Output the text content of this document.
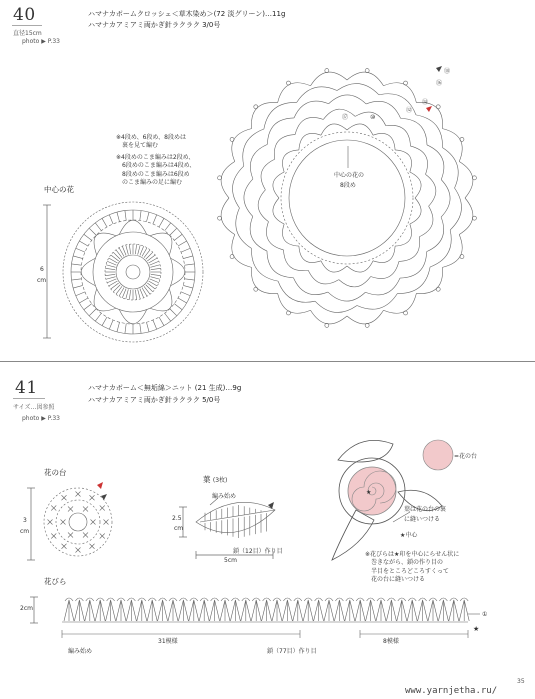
40
直径15cm
photo ▶ P.33
ハマナカボームクロッシェ＜草木染め＞(72 淡グリーン)…11g
ハマナカアミアミ両かぎ針ラクラク 3/0号
※4段め、6段め、8段めは
裏を見て編む
※4段めのこま編みは2段め、
6段めのこま編みは4段め、
8段めのこま編みは6段め
のこま編みの足に編む
中心の花
6
cm
中心の花の
8段め
⑱
⑯
⑭
⑫
⑩
⑰
41
サイズ…図参照
photo ▶ P.33
ハマナカボーム＜無垢綿＞ニット (21 生成)…9g
ハマナカアミアミ両かぎ針ラクラク 5/0号
花の台
3
cm
葉 (3枚)
編み始め
2.5
cm
鎖（12目）作り目
5cm
=花の台
葉は花の台の裏
に縫いつける
★中心
※花びらは★印を中心にらせん状に
巻きながら、鎖の作り目の
半目をところどころすくって
花の台に縫いつける
花びら
2cm
編み始め
31模様	8模様
鎖（77目）作り目
①
★
★
35
www.yarnjetha.ru/
